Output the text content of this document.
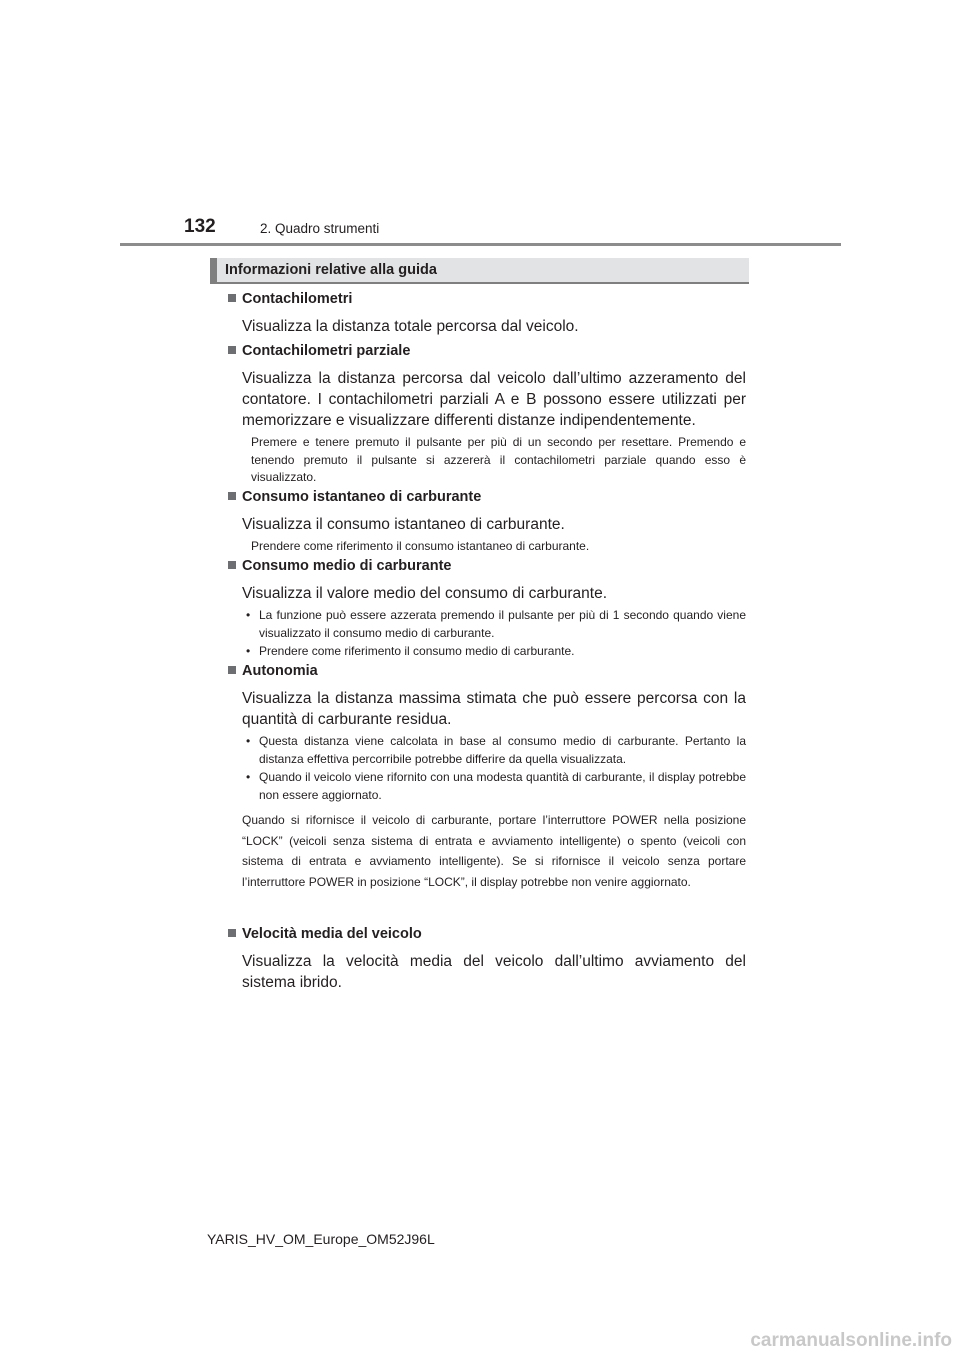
132	2. Quadro strumenti
Informazioni relative alla guida
Contachilometri
Visualizza la distanza totale percorsa dal veicolo.
Contachilometri parziale
Visualizza la distanza percorsa dal veicolo dall’ultimo azzeramento del contatore. I contachilometri parziali A e B possono essere utilizzati per memorizzare e visualizzare differenti distanze indipendentemente.
Premere e tenere premuto il pulsante per più di un secondo per resettare. Premendo e tenendo premuto il pulsante si azzererà il contachilometri parziale quando esso è visualizzato.
Consumo istantaneo di carburante
Visualizza il consumo istantaneo di carburante.
Prendere come riferimento il consumo istantaneo di carburante.
Consumo medio di carburante
Visualizza il valore medio del consumo di carburante.
• La funzione può essere azzerata premendo il pulsante per più di 1 secondo quando viene visualizzato il consumo medio di carburante.
• Prendere come riferimento il consumo medio di carburante.
Autonomia
Visualizza la distanza massima stimata che può essere percorsa con la quantità di carburante residua.
• Questa distanza viene calcolata in base al consumo medio di carburante. Pertanto la distanza effettiva percorribile potrebbe differire da quella visualizzata.
• Quando il veicolo viene rifornito con una modesta quantità di carburante, il display potrebbe non essere aggiornato.
Quando si rifornisce il veicolo di carburante, portare l’interruttore POWER nella posizione “LOCK” (veicoli senza sistema di entrata e avviamento intelligente) o spento (veicoli con sistema di entrata e avviamento intelligente). Se si rifornisce il veicolo senza portare l’interruttore POWER in posizione “LOCK”, il display potrebbe non venire aggiornato.
Velocità media del veicolo
Visualizza la velocità media del veicolo dall’ultimo avviamento del sistema ibrido.
YARIS_HV_OM_Europe_OM52J96L
carmanualsonline.info
